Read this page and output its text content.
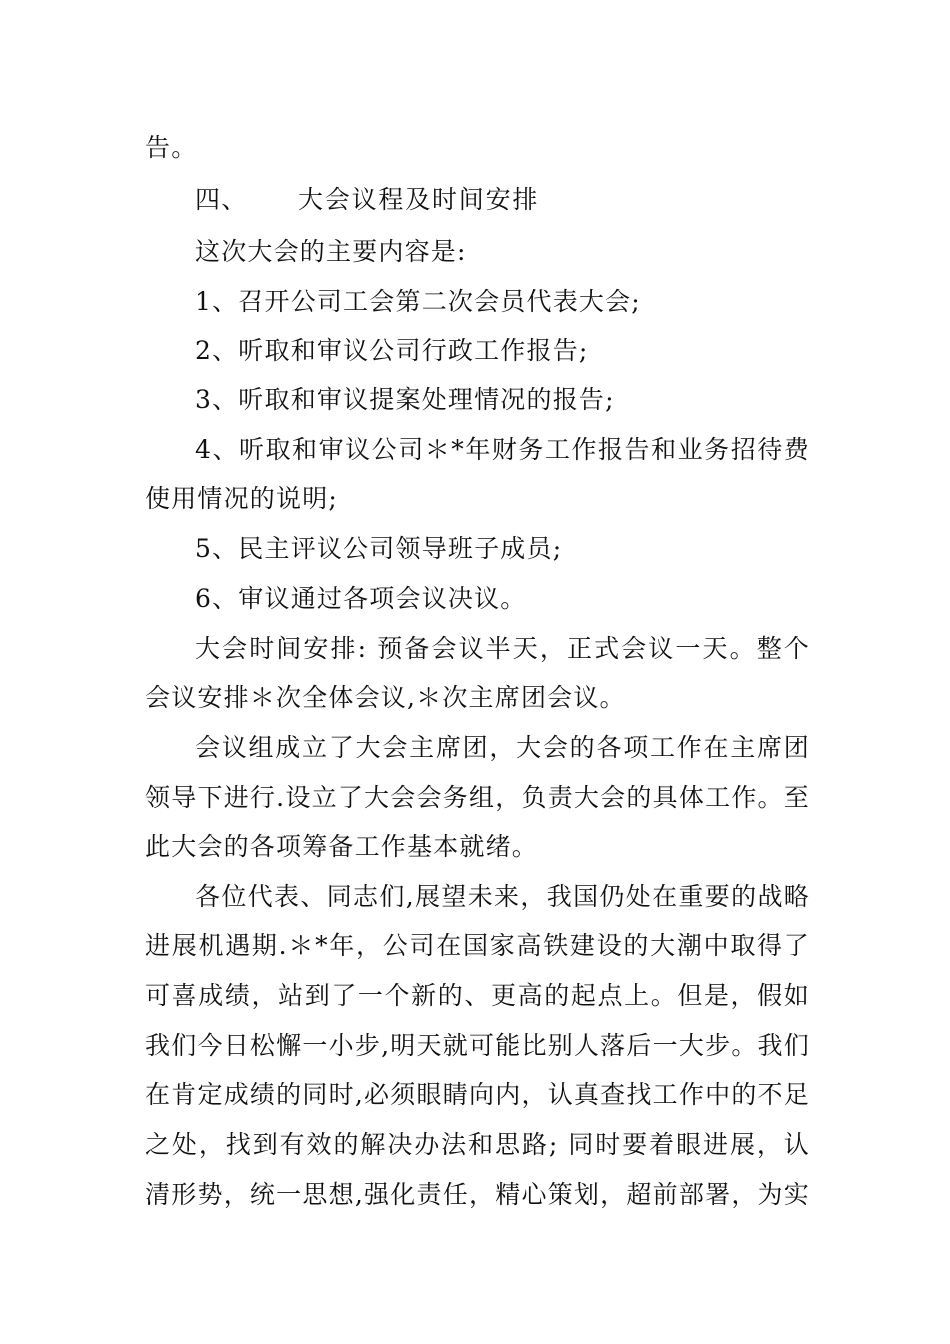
告。
四、 大会议程及时间安排
这次大会的主要内容是:
1、召开公司工会第二次会员代表大会;
2、听取和审议公司行政工作报告;
3、听取和审议提案处理情况的报告;
4、听取和审议公司＊*年财务工作报告和业务招待费
使用情况的说明;
5、民主评议公司领导班子成员;
6、审议通过各项会议决议。
大会时间安排: 预备会议半天，正式会议一天。整个
会议安排＊次全体会议,＊次主席团会议。
会议组成立了大会主席团，大会的各项工作在主席团
领导下进行.设立了大会会务组，负责大会的具体工作。至
此大会的各项筹备工作基本就绪。
各位代表、同志们,展望未来，我国仍处在重要的战略
进展机遇期.＊*年，公司在国家高铁建设的大潮中取得了
可喜成绩，站到了一个新的、更高的起点上。但是，假如
我们今日松懈一小步,明天就可能比别人落后一大步。我们
在肯定成绩的同时,必须眼睛向内，认真查找工作中的不足
之处，找到有效的解决办法和思路; 同时要着眼进展，认
清形势，统一思想,强化责任，精心策划，超前部署，为实
